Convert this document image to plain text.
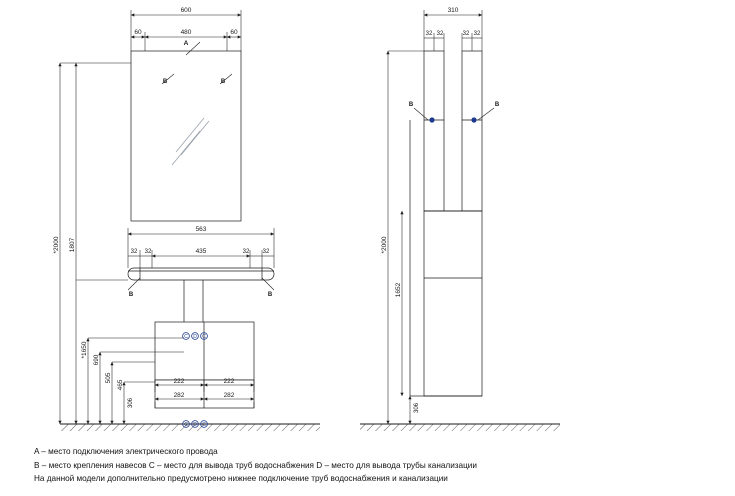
600
60	480	60
A
B	B
563
32 32	435	32 32
B	B
222	222
282	282
*2000 1807
*1650
690
505
465
306
310
32 32	32 32
B	B
*2000
1652
306
C D C
C D C
A – место подключения электрического провода
B – место крепления навесов C – место для вывода труб водоснабжения D – место для вывода трубы канализации
На данной модели дополнительно предусмотрено нижнее подключение труб водоснабжения и канализации
